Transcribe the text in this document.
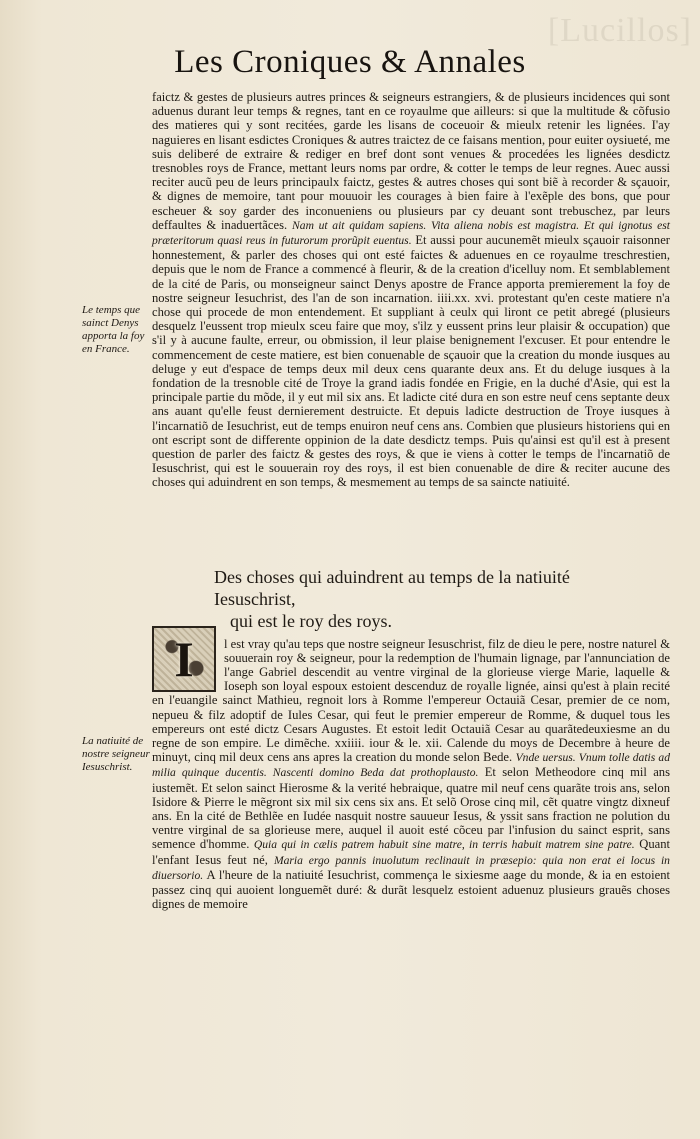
[Lucillos]
Les Croniques & Annales

faictz & gestes de plusieurs autres princes & seigneurs estrangiers, & de plusieurs incidences qui sont aduenus durant leur temps & regnes, tant en ce royaulme que ailleurs: si que la multitude & cõfusio des matieres qui y sont recitées, garde les lisans de coceuoir & mieulx retenir les lignées. I'ay naguieres en lisant esdictes Croniques & autres traictez de ce faisans mention, pour euiter oysiueté, me suis deliberé de extraire & rediger en bref dont sont venues & procedées les lignées desdictz tresnobles roys de France, mettant leurs noms par ordre, & cotter le temps de leur regnes. Auec aussi reciter aucũ peu de leurs principaulx faictz, gestes & autres choses qui sont biẽ à recorder & sçauoir, & dignes de memoire, tant pour mouuoir les courages à bien faire à l'exẽple des bons, que pour escheuer & soy garder des inconueniens ou plusieurs par cy deuant sont trebuschez, par leurs deffaultes & inaduertãces. Nam ut ait quidam sapiens. Vita aliena nobis est magistra. Et qui ignotus est præteritorum quasi reus in futurorum prorũpit euentus. Et aussi pour aucunemẽt mieulx sçauoir raisonner honnestement, & parler des choses qui ont esté faictes & aduenues en ce royaulme treschrestien, depuis que le nom de France a commencé à fleurir, & de la creation d'icelluy nom. Et semblablement de la cité de Paris, ou monseigneur sainct Denys apostre de France apporta premierement la foy de nostre seigneur Iesuchrist, des l'an de son incarnation. iiii.xx. xvi. protestant qu'en ceste matiere n'a chose qui procede de mon entendement. Et suppliant à ceulx qui liront ce petit abregé (plusieurs desquelz l'eussent trop mieulx sceu faire que moy, s'ilz y eussent prins leur plaisir & occupation) que s'il y à aucune faulte, erreur, ou obmission, il leur plaise benignement l'excuser. Et pour entendre le commencement de ceste matiere, est bien conuenable de sçauoir que la creation du monde iusques au deluge y eut d'espace de temps deux mil deux cens quarante deux ans. Et du deluge iusques à la fondation de la tresnoble cité de Troye la grand iadis fondée en Frigie, en la duché d'Asie, qui est la principale partie du mõde, il y eut mil six ans. Et ladicte cité dura en son estre neuf cens septante deux ans auant qu'elle feust dernierement destruicte. Et depuis ladicte destruction de Troye iusques à l'incarnatiõ de Iesuchrist, eut de temps enuiron neuf cens ans. Combien que plusieurs historiens qui en ont escript sont de differente oppinion de la date desdictz temps. Puis qu'ainsi est qu'il est à present question de parler des faictz & gestes des roys, & que ie viens à cotter le temps de l'incarnatiõ de Iesuschrist, qui est le souuerain roy des roys, il est bien conuenable de dire & reciter aucune des choses qui aduindrent en son temps, & mesmement au temps de sa saincte natiuité.

Le temps que sainct Denys apporta la foy en France.
Des choses qui aduindrent au temps de la natiuité Iesuschrist,
qui est le roy des roys.
I	l est vray qu'au teps que nostre seigneur Iesuschrist, filz de dieu le pere, nostre naturel & souuerain roy & seigneur, pour la redemption de l'humain lignage, par l'annunciation de l'ange Gabriel descendit au ventre virginal de la glorieuse vierge Marie, laquelle & Ioseph son loyal espoux estoient descenduz de royalle lignée, ainsi qu'est à plain recité en l'euangile sainct Mathieu, regnoit lors à Romme l'empereur Octauiã Cesar, premier de ce nom, nepueu & filz adoptif de Iules Cesar, qui feut le premier empereur de Romme, & duquel tous les empereurs ont esté dictz Cesars Augustes. Et estoit ledit Octauiã Cesar au quarãtedeuxiesme an du regne de son empire. Le dimẽche. xxiiii. iour & le. xii. Calende du moys de Decembre à heure de minuyt, cinq mil deux cens ans apres la creation du monde selon Bede. Vnde uersus. Vnum tolle datis ad milia quinque ducentis. Nascenti domino Beda dat prothoplausto. Et selon Metheodore cinq mil ans iustemẽt. Et selon sainct Hierosme & la verité hebraique, quatre mil neuf cens quarãte trois ans, selon Isidore & Pierre le mẽgront six mil six cens six ans. Et selõ Orose cinq mil, cẽt quatre vingtz dixneuf ans. En la cité de Bethlẽe en Iudée nasquit nostre sauueur Iesus, & yssit sans fraction ne polution du ventre virginal de sa glorieuse mere, auquel il auoit esté cõceu par l'infusion du sainct esprit, sans semence d'homme. Quia qui in cælis patrem habuit sine matre, in terris habuit matrem sine patre. Quant l'enfant Iesus feut né, Maria ergo pannis inuolutum reclinauit in præsepio: quia non erat ei locus in diuersorio. A l'heure de la natiuité Iesuchrist, commença le sixiesme aage du monde, & ia en estoient passez cinq qui auoient longuemẽt duré: & durãt lesquelz estoient aduenuz plusieurs grauẽs choses dignes de memoire

La natiuité de nostre seigneur Iesuschrist.
